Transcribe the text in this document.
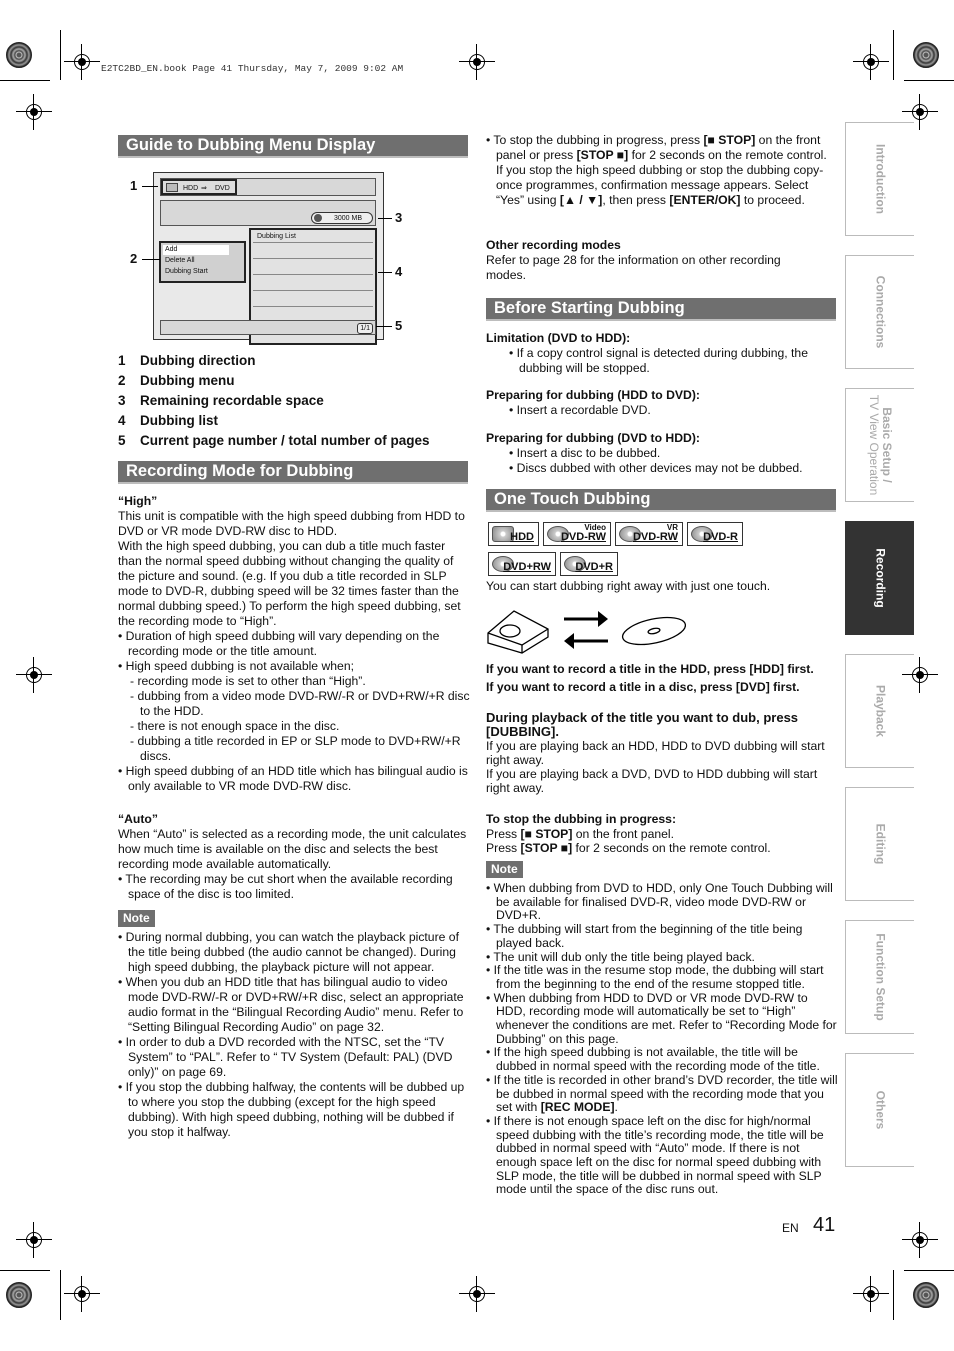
E2TC2BD_EN.book Page 41 Thursday, May 7, 2009 9:02 AM
Guide to Dubbing Menu Display
HDD ⇒ DVD
3000 MB
Dubbing List
Add
Delete All
Dubbing Start
1/1
1
2
3
4
5
1 Dubbing direction
2 Dubbing menu
3 Remaining recordable space
4 Dubbing list
5 Current page number / total number of pages
Recording Mode for Dubbing

“High”

This unit is compatible with the high speed dubbing from HDD to DVD or VR mode DVD-RW disc to HDD.

With the high speed dubbing, you can dub a title much faster than the normal speed dubbing without changing the quality of the picture and sound. (e.g. If you dub a title recorded in SLP mode to DVD-R, dubbing speed will be 32 times faster than the normal dubbing speed.) To perform the high speed dubbing, set the recording mode to “High”.

• Duration of high speed dubbing will vary depending on the recording mode or the title amount.

• High speed dubbing is not available when;

- recording mode is set to other than “High”.

- dubbing from a video mode DVD-RW/-R or DVD+RW/+R disc to the HDD.

- there is not enough space in the disc.

- dubbing a title recorded in EP or SLP mode to DVD+RW/+R discs.

• High speed dubbing of an HDD title which has bilingual audio is only available to VR mode DVD-RW disc.

“Auto”

When “Auto” is selected as a recording mode, the unit calculates how much time is available on the disc and selects the best recording mode available automatically.

• The recording may be cut short when the available recording space of the disc is too limited.

Note

• During normal dubbing, you can watch the playback picture of the title being dubbed (the audio cannot be changed). During high speed dubbing, the playback picture will not appear.

• When you dub an HDD title that has bilingual audio to video mode DVD-RW/-R or DVD+RW/+R disc, select an appropriate audio format in the “Bilingual Recording Audio” menu. Refer to “Setting Bilingual Recording Audio” on page 32.

• In order to dub a DVD recorded with the NTSC, set the “TV System” to “PAL”. Refer to “ TV System (Default: PAL) (DVD only)” on page 69.

• If you stop the dubbing halfway, the contents will be dubbed up to where you stop the dubbing (except for the high speed dubbing). With high speed dubbing, nothing will be dubbed if you stop it halfway.

• To stop the dubbing in progress, press [■ STOP] on the front panel or press [STOP ■] for 2 seconds on the remote control. If you stop the high speed dubbing or stop the dubbing copy-once programmes, confirmation message appears. Select “Yes” using [▲ / ▼], then press [ENTER/OK] to proceed.

Other recording modes

Refer to page 28 for the information on other recording modes.

Before Starting Dubbing

Limitation (DVD to HDD):

• If a copy control signal is detected during dubbing, the dubbing will be stopped.

Preparing for dubbing (HDD to DVD):

• Insert a recordable DVD.

Preparing for dubbing (DVD to HDD):

• Insert a disc to be dubbed.

• Discs dubbed with other devices may not be dubbed.

One Touch Dubbing
HDD
Video
DVD-RW
VR
DVD-RW DVD-R
DVD+RW DVD+R
You can start dubbing right away with just one touch.
If you want to record a title in the HDD, press [HDD] first.
If you want to record a title in a disc, press [DVD] first.
During playback of the title you want to dub, press [DUBBING].

If you are playing back an HDD, HDD to DVD dubbing will start right away.

If you are playing back a DVD, DVD to HDD dubbing will start right away.

To stop the dubbing in progress:

Press [■ STOP] on the front panel.

Press [STOP ■] for 2 seconds on the remote control.

Note

• When dubbing from DVD to HDD, only One Touch Dubbing will be available for finalised DVD-R, video mode DVD-RW or DVD+R.

• The dubbing will start from the beginning of the title being played back.

• The unit will dub only the title being played back.

• If the title was in the resume stop mode, the dubbing will start from the beginning to the end of the resume stopped title.

• When dubbing from HDD to DVD or VR mode DVD-RW to HDD, recording mode will automatically be set to “High” whenever the conditions are met. Refer to “Recording Mode for Dubbing” on this page.

• If the high speed dubbing is not available, the title will be dubbed in normal speed with the recording mode of the title.

• If the title is recorded in other brand’s DVD recorder, the title will be dubbed in normal speed with the recording mode that you set with [REC MODE].

• If there is not enough space left on the disc for high/normal speed dubbing with the title’s recording mode, the title will be dubbed in normal speed with “Auto” mode. If there is not enough space left on the disc for normal speed dubbing with SLP mode, the title will be dubbed in normal speed with SLP mode until the space of the disc runs out.

Introduction
Connections
Basic Setup /
TV View Operation
Recording
Playback
Editing
Function Setup
Others
EN 41
